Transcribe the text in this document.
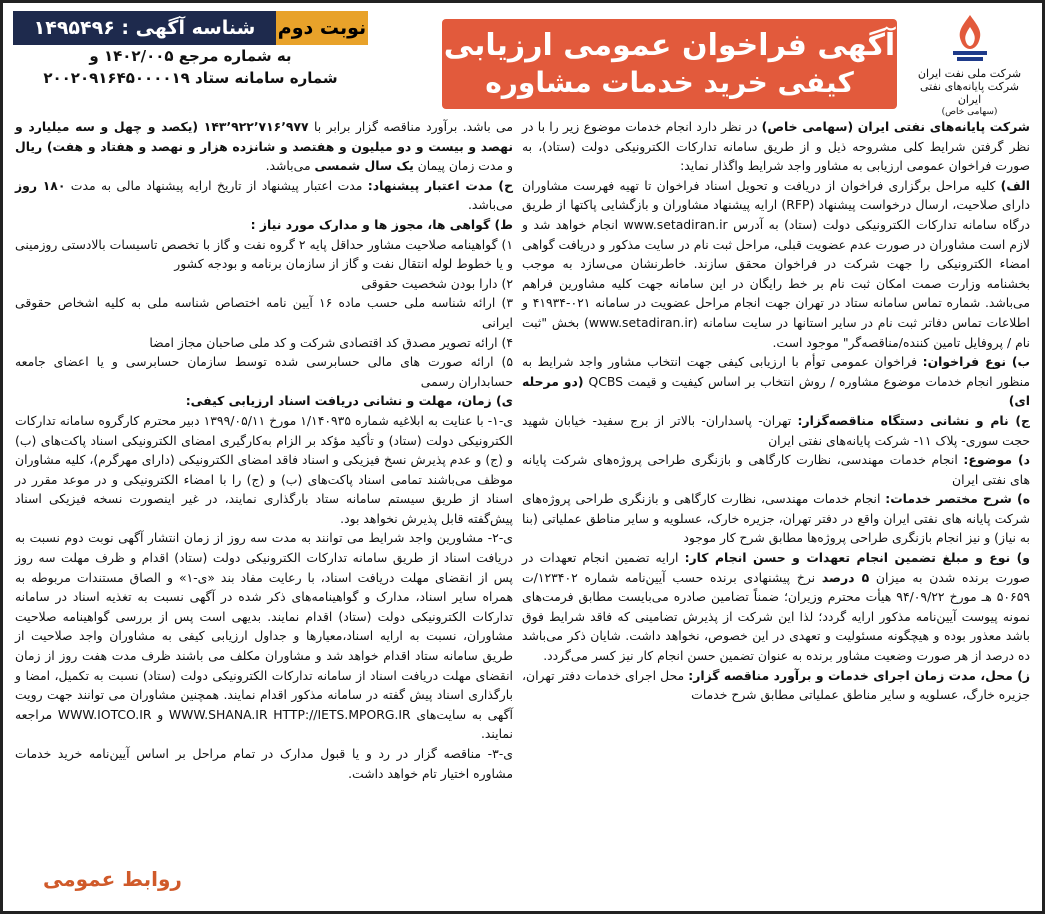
شرکت ملی نفت ایران
شرکت پایانه‌های نفتی ایران
(سهامی خاص)
آگهی فراخوان عمومی ارزیابی
کیفی خرید خدمات مشاوره
نوبت دوم
شناسه آگهی : ۱۴۹۵۴۹۶
به شماره مرجع ۱۴۰۲/۰۰۵ و
شماره سامانه ستاد ۲۰۰۲۰۹۱۶۴۵۰۰۰۰۱۹

شرکت پایانه‌های نفتی ایران (سهامی خاص) در نظر دارد انجام خدمات موضوع زیر را با در نظر گرفتن شرایط کلی مشروحه ذیل و از طریق سامانه تدارکات الکترونیکی دولت (ستاد)، به صورت فراخوان عمومی ارزیابی به مشاور واجد شرایط واگذار نماید:

الف) کلیه مراحل برگزاری فراخوان از دریافت و تحویل اسناد فراخوان تا تهیه فهرست مشاوران دارای صلاحیت، ارسال درخواست پیشنهاد (RFP) ارایه پیشنهاد مشاوران و بازگشایی پاکتها از طریق درگاه سامانه تدارکات الکترونیکی دولت (ستاد) به آدرس www.setadiran.ir انجام خواهد شد و لازم است مشاوران در صورت عدم عضویت قبلی، مراحل ثبت نام در سایت مذکور و دریافت گواهی امضاء الکترونیکی را جهت شرکت در فراخوان محقق سازند. خاطرنشان می‌سازد به موجب بخشنامه وزارت صمت امکان ثبت نام بر خط رایگان در این سامانه جهت کلیه مشاورین فراهم می‌باشد. شماره تماس سامانه ستاد در تهران جهت انجام مراحل عضویت در سامانه ۰۲۱-۴۱۹۳۴ و اطلاعات تماس دفاتر ثبت نام در سایر استانها در سایت سامانه (www.setadiran.ir) بخش "ثبت نام / پروفایل تامین کننده/مناقصه‌گر" موجود است.

ب) نوع فراخوان: فراخوان عمومی توأم با ارزیابی کیفی جهت انتخاب مشاور واجد شرایط به منظور انجام خدمات موضوع مشاوره / روش انتخاب بر اساس کیفیت و قیمت QCBS (دو مرحله ای)

ج) نام و نشانی دستگاه مناقصه‌گزار: تهران- پاسداران- بالاتر از برج سفید- خیابان شهید حجت سوری- پلاک ۱۱- شرکت پایانه‌های نفتی ایران

د) موضوع: انجام خدمات مهندسی، نظارت کارگاهی و بازنگری طراحی پروژه‌های شرکت پایانه های نفتی ایران

ه) شرح مختصر خدمات: انجام خدمات مهندسی، نظارت کارگاهی و بازنگری طراحی پروژه‌های شرکت پایانه های نفتی ایران واقع در دفتر تهران، جزیره خارک، عسلویه و سایر مناطق عملیاتی (بنا به نیاز) و نیز انجام بازنگری طراحی پروژه‌ها مطابق شرح کار موجود

و) نوع و مبلغ تضمین انجام تعهدات و حسن انجام کار: ارایه تضمین انجام تعهدات در صورت برنده شدن به میزان ۵ درصد نرخ پیشنهادی برنده حسب آیین‌نامه شماره ۱۲۳۴۰۲/ت ۵۰۶۵۹ هـ مورخ ۹۴/۰۹/۲۲ هیأت محترم وزیران؛ ضمناً تضامین صادره می‌بایست مطابق فرمت‌های نمونه پیوست آیین‌نامه مذکور ارایه گردد؛ لذا این شرکت از پذیرش تضامینی که فاقد شرایط فوق باشد معذور بوده و هیچگونه مسئولیت و تعهدی در این خصوص، نخواهد داشت. شایان ذکر می‌باشد ده درصد از هر صورت وضعیت مشاور برنده به عنوان تضمین حسن انجام کار نیز کسر می‌گردد.

ز) محل، مدت زمان اجرای خدمات و برآورد مناقصه گزار: محل اجرای خدمات دفتر تهران، جزیره خارگ، عسلویه و سایر مناطق عملیاتی مطابق شرح خدمات

می باشد. برآورد مناقصه گزار برابر با ۱۴۳٬۹۲۲٬۷۱۶٬۹۷۷ (یکصد و چهل و سه میلیارد و نهصد و بیست و دو میلیون و هفتصد و شانزده هزار و نهصد و هفتاد و هفت) ریال و مدت زمان پیمان یک سال شمسی می‌باشد.

ح) مدت اعتبار پیشنهاد: مدت اعتبار پیشنهاد از تاریخ ارایه پیشنهاد مالی به مدت ۱۸۰ روز می‌باشد.

ط) گواهی ها، مجوز ها و مدارک مورد نیاز :

۱) گواهینامه صلاحیت مشاور حداقل پایه ۲ گروه نفت و گاز با تخصص تاسیسات بالادستی روزمینی و یا خطوط لوله انتقال نفت و گاز از سازمان برنامه و بودجه کشور

۲) دارا بودن شخصیت حقوقی

۳) ارائه شناسه ملی حسب ماده ۱۶ آیین نامه اختصاص شناسه ملی به کلیه اشخاص حقوقی ایرانی

۴) ارائه تصویر مصدق کد اقتصادی شرکت و کد ملی صاحبان مجاز امضا

۵) ارائه صورت های مالی حسابرسی شده توسط سازمان حسابرسی و یا اعضای جامعه حسابداران رسمی

ی) زمان، مهلت و نشانی دریافت اسناد ارزیابی کیفی:

ی-۱- با عنایت به ابلاغیه شماره ۱/۱۴۰۹۳۵ مورخ ۱۳۹۹/۰۵/۱۱ دبیر محترم کارگروه سامانه تدارکات الکترونیکی دولت (ستاد) و تأکید مؤکد بر الزام به‌کارگیری امضای الکترونیکی اسناد پاکت‌های (ب) و (ج) و عدم پذیرش نسخ فیزیکی و اسناد فاقد امضای الکترونیکی (دارای مهرگرم)، کلیه مشاوران موظف می‌باشند تمامی اسناد پاکت‌های (ب) و (ج) را با امضاء الکترونیکی و در موعد مقرر در اسناد از طریق سیستم سامانه ستاد بارگذاری نمایند، در غیر اینصورت نسخه فیزیکی اسناد پیش‌گفته قابل پذیرش نخواهد بود.

ی-۲- مشاورین واجد شرایط می توانند به مدت سه روز از زمان انتشار آگهی نوبت دوم نسبت به دریافت اسناد از طریق سامانه تدارکات الکترونیکی دولت (ستاد) اقدام و ظرف مهلت سه روز پس از انقضای مهلت دریافت اسناد، با رعایت مفاد بند «ی-۱» و الصاق مستندات مربوطه به همراه سایر اسناد، مدارک و گواهینامه‌های ذکر شده در آگهی نسبت به تغذیه اسناد در سامانه تدارکات الکترونیکی دولت (ستاد) اقدام نمایند. بدیهی است پس از بررسی گواهینامه صلاحیت مشاوران، نسبت به ارایه اسناد،معیارها و جداول ارزیابی کیفی به مشاوران واجد صلاحیت از طریق سامانه ستاد اقدام خواهد شد و مشاوران مکلف می باشند ظرف مدت هفت روز از زمان انقضای مهلت دریافت اسناد از سامانه تدارکات الکترونیکی دولت (ستاد) نسبت به تکمیل، امضا و بارگذاری اسناد پیش گفته در سامانه مذکور اقدام نمایند. همچنین مشاوران می توانند جهت رویت آگهی به سایت‌های WWW.SHANA.IR HTTP://IETS.MPORG.IR و WWW.IOTCO.IR مراجعه نمایند.

ی-۳- مناقصه گزار در رد و یا قبول مدارک در تمام مراحل بر اساس آیین‌نامه خرید خدمات مشاوره اختیار تام خواهد داشت.

روابط عمومی
